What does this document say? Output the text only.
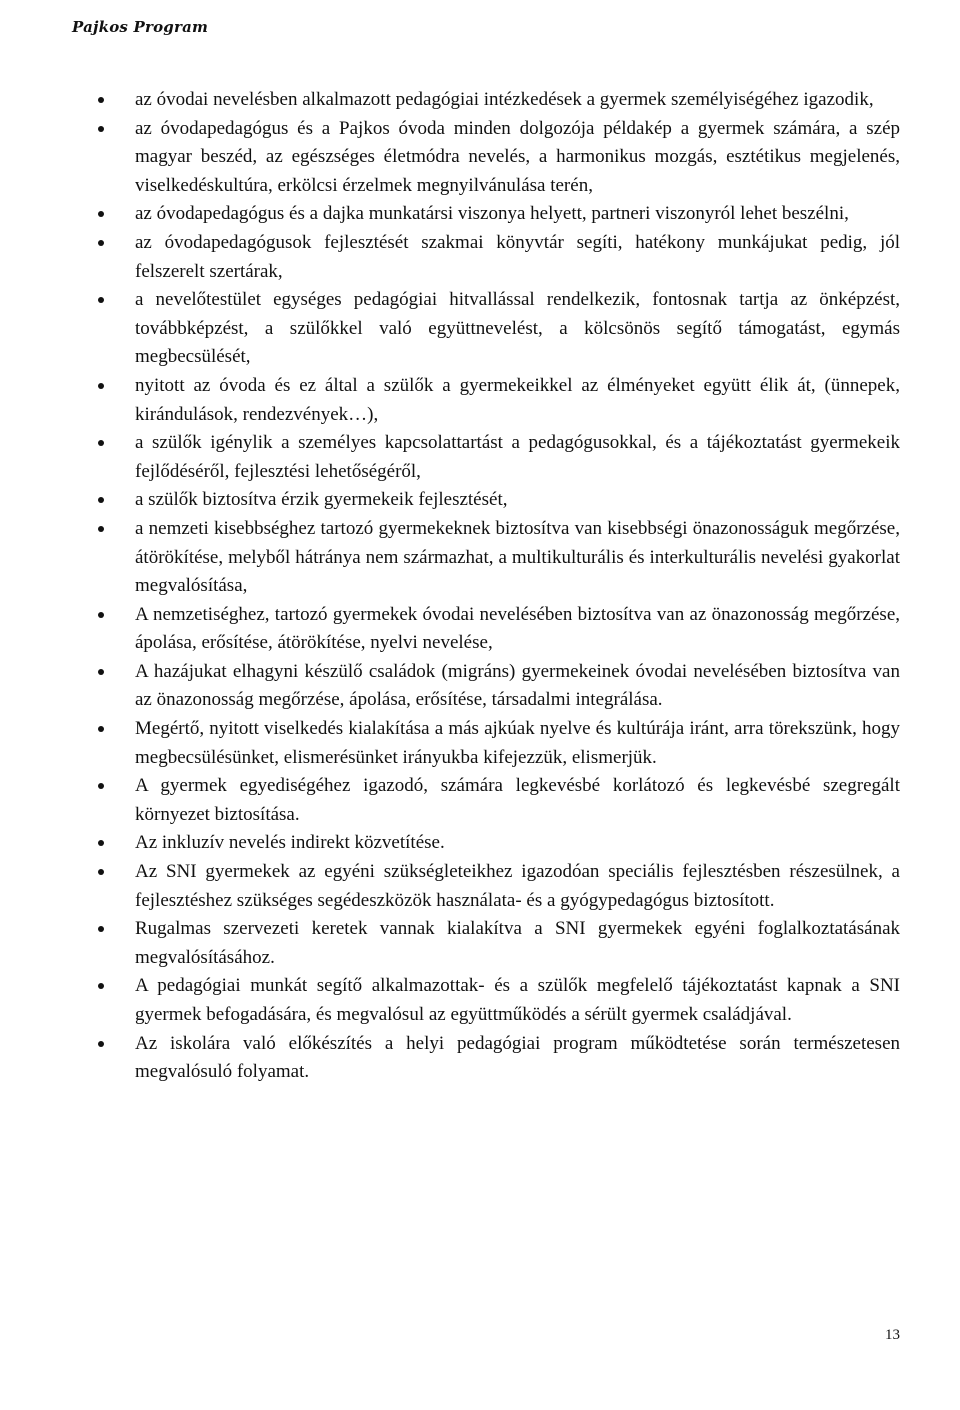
Pajkos Program
az óvodai nevelésben alkalmazott pedagógiai intézkedések a gyermek személyiségéhez igazodik,
az óvodapedagógus és a Pajkos óvoda minden dolgozója példakép a gyermek számára, a szép magyar beszéd, az egészséges életmódra nevelés, a harmonikus mozgás, esztétikus megjelenés, viselkedéskultúra, erkölcsi érzelmek megnyilvánulása terén,
az óvodapedagógus és a dajka munkatársi viszonya helyett, partneri viszonyról lehet beszélni,
az óvodapedagógusok fejlesztését szakmai könyvtár segíti, hatékony munkájukat pedig, jól felszerelt szertárak,
a nevelőtestület egységes pedagógiai hitvallással rendelkezik, fontosnak tartja az önképzést, továbbképzést, a szülőkkel való együttnevelést, a kölcsönös segítő támogatást, egymás megbecsülését,
nyitott az óvoda és ez által a szülők a gyermekeikkel az élményeket együtt élik át, (ünnepek, kirándulások, rendezvények…),
a szülők igénylik a személyes kapcsolattartást a pedagógusokkal, és a tájékoztatást gyermekeik fejlődéséről, fejlesztési lehetőségéről,
a szülők biztosítva érzik gyermekeik fejlesztését,
a nemzeti kisebbséghez tartozó gyermekeknek biztosítva van kisebbségi önazonosságuk megőrzése, átörökítése, melyből hátránya nem származhat, a multikulturális és interkulturális nevelési gyakorlat megvalósítása,
A nemzetiséghez, tartozó gyermekek óvodai nevelésében biztosítva van az önazonosság megőrzése, ápolása, erősítése, átörökítése, nyelvi nevelése,
A hazájukat elhagyni készülő családok (migráns) gyermekeinek óvodai nevelésében biztosítva van az önazonosság megőrzése, ápolása, erősítése, társadalmi integrálása.
Megértő, nyitott viselkedés kialakítása a más ajkúak nyelve és kultúrája iránt, arra törekszünk, hogy megbecsülésünket, elismerésünket irányukba kifejezzük, elismerjük.
A gyermek egyediségéhez igazodó, számára legkevésbé korlátozó és legkevésbé szegregált környezet biztosítása.
Az inkluzív nevelés indirekt közvetítése.
Az SNI gyermekek az egyéni szükségleteikhez igazodóan speciális fejlesztésben részesülnek, a fejlesztéshez szükséges segédeszközök használata- és a gyógypedagógus biztosított.
Rugalmas szervezeti keretek vannak kialakítva a SNI gyermekek egyéni foglalkoztatásának megvalósításához.
A pedagógiai munkát segítő alkalmazottak- és a szülők megfelelő tájékoztatást kapnak a SNI gyermek befogadására, és megvalósul az együttműködés a sérült gyermek családjával.
Az iskolára való előkészítés a helyi pedagógiai program működtetése során természetesen megvalósuló folyamat.
13
